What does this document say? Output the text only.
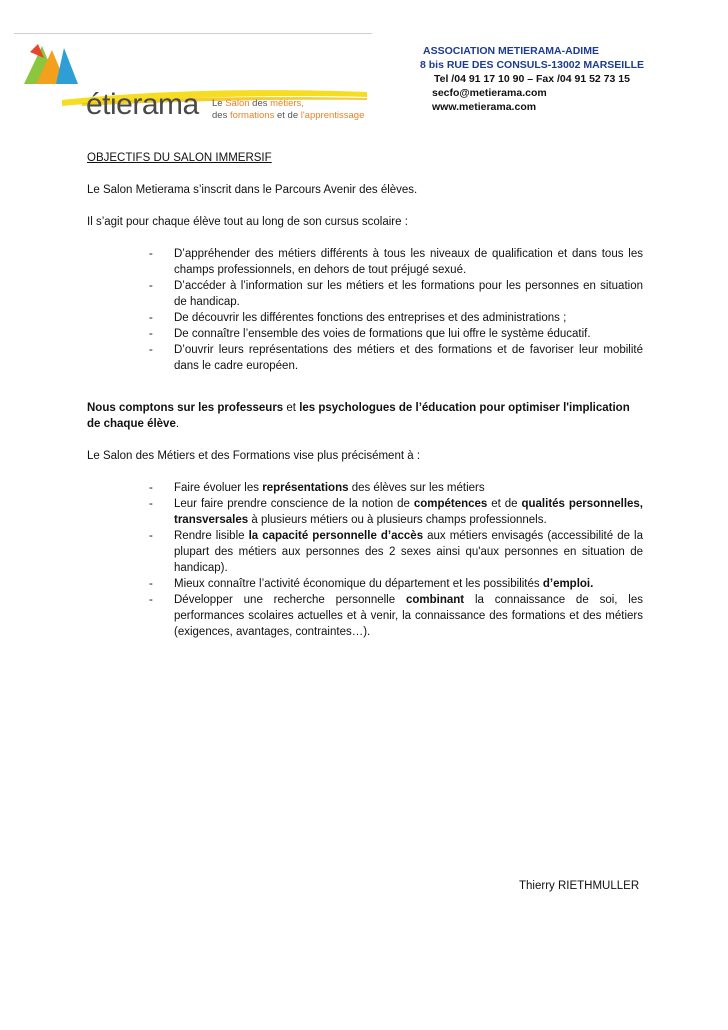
étierama Le Salon des métiers,
des formations et de l'apprentissage
ASSOCIATION METIERAMA-ADIME
8 bis RUE DES CONSULS-13002 MARSEILLE
Tel /04 91 17 10 90 – Fax /04 91 52 73 15
secfo@metierama.com
www.metierama.com
OBJECTIFS DU SALON IMMERSIF

Le Salon Metierama s’inscrit dans le Parcours Avenir des élèves.

Il s’agit pour chaque élève tout au long de son cursus scolaire :

- D’appréhender des métiers différents à tous les niveaux de qualification et dans tous les champs professionnels, en dehors de tout préjugé sexué.
- D’accéder à l’information sur les métiers et les formations pour les personnes en situation de handicap.
- De découvrir les différentes fonctions des entreprises et des administrations ;
- De connaître l’ensemble des voies de formations que lui offre le système éducatif.
- D’ouvrir leurs représentations des métiers et des formations et de favoriser leur mobilité dans le cadre européen.

Nous comptons sur les professeurs et les psychologues de l’éducation pour optimiser l'implication de chaque élève.

Le Salon des Métiers et des Formations vise plus précisément à :

- Faire évoluer les représentations des élèves sur les métiers
- Leur faire prendre conscience de la notion de compétences et de qualités personnelles, transversales à plusieurs métiers ou à plusieurs champs professionnels.
- Rendre lisible la capacité personnelle d’accès aux métiers envisagés (accessibilité de la plupart des métiers aux personnes des 2 sexes ainsi qu'aux personnes en situation de handicap).
- Mieux connaître l’activité économique du département et les possibilités d’emploi.
- Développer une recherche personnelle combinant la connaissance de soi, les performances scolaires actuelles et à venir, la connaissance des formations et des métiers (exigences, avantages, contraintes…).
Thierry RIETHMULLER
